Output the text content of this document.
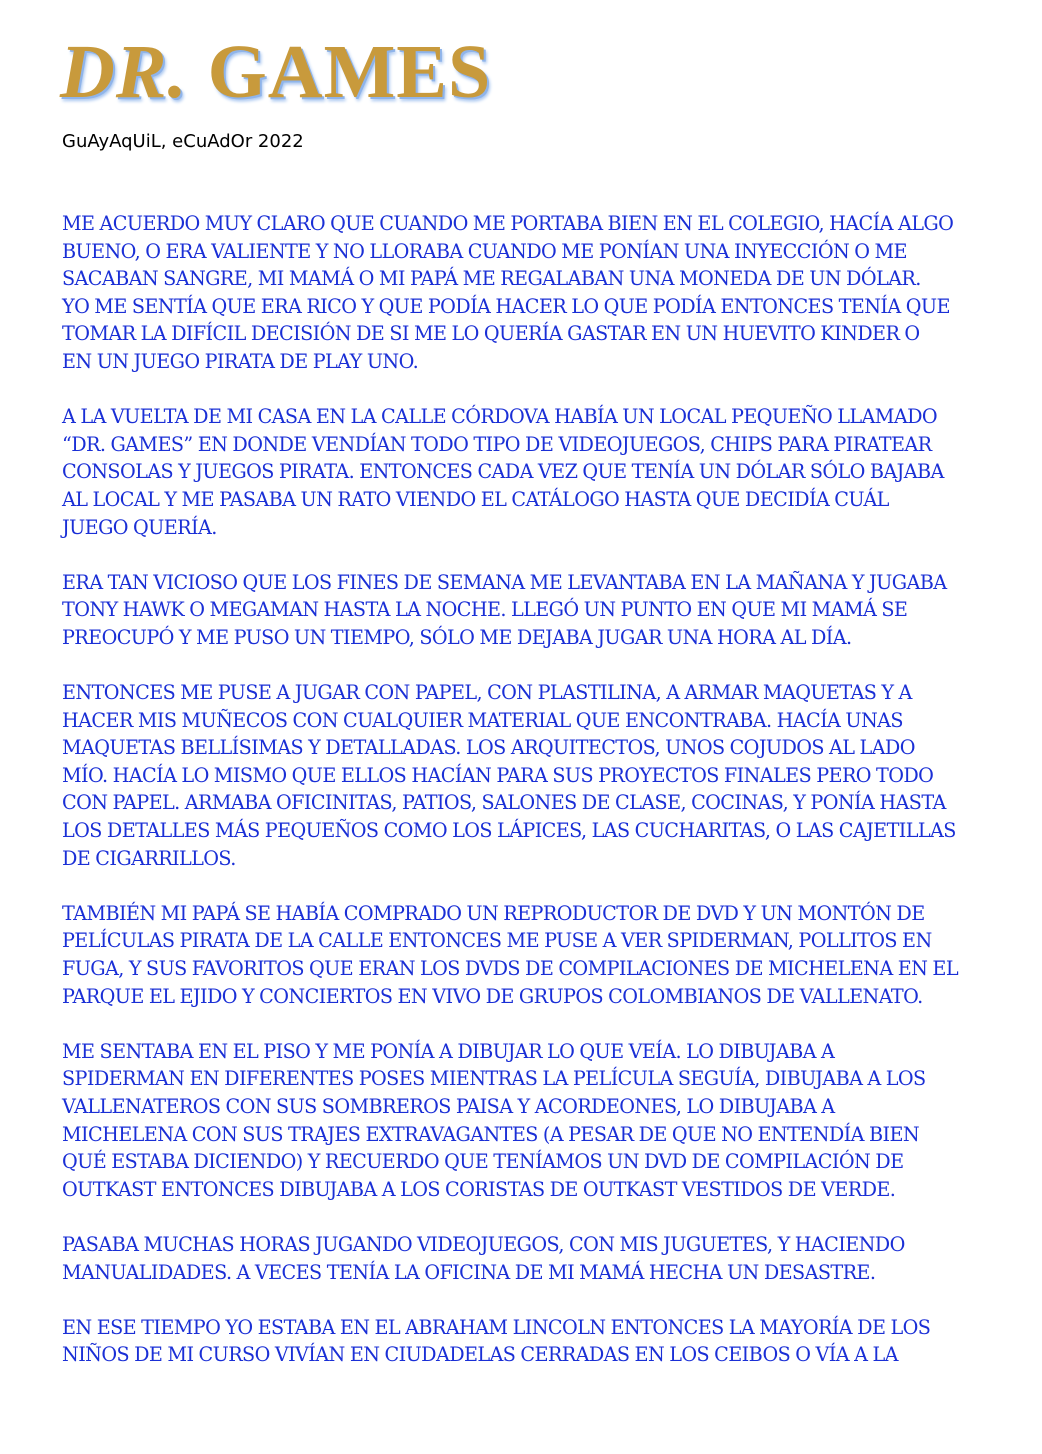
DR. GAMES

GuAyAqUiL, eCuAdOr 2022

ME ACUERDO MUY CLARO QUE CUANDO ME PORTABA BIEN EN EL COLEGIO, HACÍA ALGO
BUENO, O ERA VALIENTE Y NO LLORABA CUANDO ME PONÍAN UNA INYECCIÓN O ME
SACABAN SANGRE, MI MAMÁ O MI PAPÁ ME REGALABAN UNA MONEDA DE UN DÓLAR.
YO ME SENTÍA QUE ERA RICO Y QUE PODÍA HACER LO QUE PODÍA ENTONCES TENÍA QUE
TOMAR LA DIFÍCIL DECISIÓN DE SI ME LO QUERÍA GASTAR EN UN HUEVITO KINDER O
EN UN JUEGO PIRATA DE PLAY UNO.

A LA VUELTA DE MI CASA EN LA CALLE CÓRDOVA HABÍA UN LOCAL PEQUEÑO LLAMADO
“DR. GAMES” EN DONDE VENDÍAN TODO TIPO DE VIDEOJUEGOS, CHIPS PARA PIRATEAR
CONSOLAS Y JUEGOS PIRATA. ENTONCES CADA VEZ QUE TENÍA UN DÓLAR SÓLO BAJABA
AL LOCAL Y ME PASABA UN RATO VIENDO EL CATÁLOGO HASTA QUE DECIDÍA CUÁL
JUEGO QUERÍA.

ERA TAN VICIOSO QUE LOS FINES DE SEMANA ME LEVANTABA EN LA MAÑANA Y JUGABA
TONY HAWK O MEGAMAN HASTA LA NOCHE. LLEGÓ UN PUNTO EN QUE MI MAMÁ SE
PREOCUPÓ Y ME PUSO UN TIEMPO, SÓLO ME DEJABA JUGAR UNA HORA AL DÍA.

ENTONCES ME PUSE A JUGAR CON PAPEL, CON PLASTILINA, A ARMAR MAQUETAS Y A
HACER MIS MUÑECOS CON CUALQUIER MATERIAL QUE ENCONTRABA. HACÍA UNAS
MAQUETAS BELLÍSIMAS Y DETALLADAS. LOS ARQUITECTOS, UNOS COJUDOS AL LADO
MÍO. HACÍA LO MISMO QUE ELLOS HACÍAN PARA SUS PROYECTOS FINALES PERO TODO
CON PAPEL. ARMABA OFICINITAS, PATIOS, SALONES DE CLASE, COCINAS, Y PONÍA HASTA
LOS DETALLES MÁS PEQUEÑOS COMO LOS LÁPICES, LAS CUCHARITAS, O LAS CAJETILLAS
DE CIGARRILLOS.

TAMBIÉN MI PAPÁ SE HABÍA COMPRADO UN REPRODUCTOR DE DVD Y UN MONTÓN DE
PELÍCULAS PIRATA DE LA CALLE ENTONCES ME PUSE A VER SPIDERMAN, POLLITOS EN
FUGA, Y SUS FAVORITOS QUE ERAN LOS DVDS DE COMPILACIONES DE MICHELENA EN EL
PARQUE EL EJIDO Y CONCIERTOS EN VIVO DE GRUPOS COLOMBIANOS DE VALLENATO.

ME SENTABA EN EL PISO Y ME PONÍA A DIBUJAR LO QUE VEÍA. LO DIBUJABA A
SPIDERMAN EN DIFERENTES POSES MIENTRAS LA PELÍCULA SEGUÍA, DIBUJABA A LOS
VALLENATEROS CON SUS SOMBREROS PAISA Y ACORDEONES, LO DIBUJABA A
MICHELENA CON SUS TRAJES EXTRAVAGANTES (A PESAR DE QUE NO ENTENDÍA BIEN
QUÉ ESTABA DICIENDO) Y RECUERDO QUE TENÍAMOS UN DVD DE COMPILACIÓN DE
OUTKAST ENTONCES DIBUJABA A LOS CORISTAS DE OUTKAST VESTIDOS DE VERDE.

PASABA MUCHAS HORAS JUGANDO VIDEOJUEGOS, CON MIS JUGUETES, Y HACIENDO
MANUALIDADES. A VECES TENÍA LA OFICINA DE MI MAMÁ HECHA UN DESASTRE.

EN ESE TIEMPO YO ESTABA EN EL ABRAHAM LINCOLN ENTONCES LA MAYORÍA DE LOS
NIÑOS DE MI CURSO VIVÍAN EN CIUDADELAS CERRADAS EN LOS CEIBOS O VÍA A LA
